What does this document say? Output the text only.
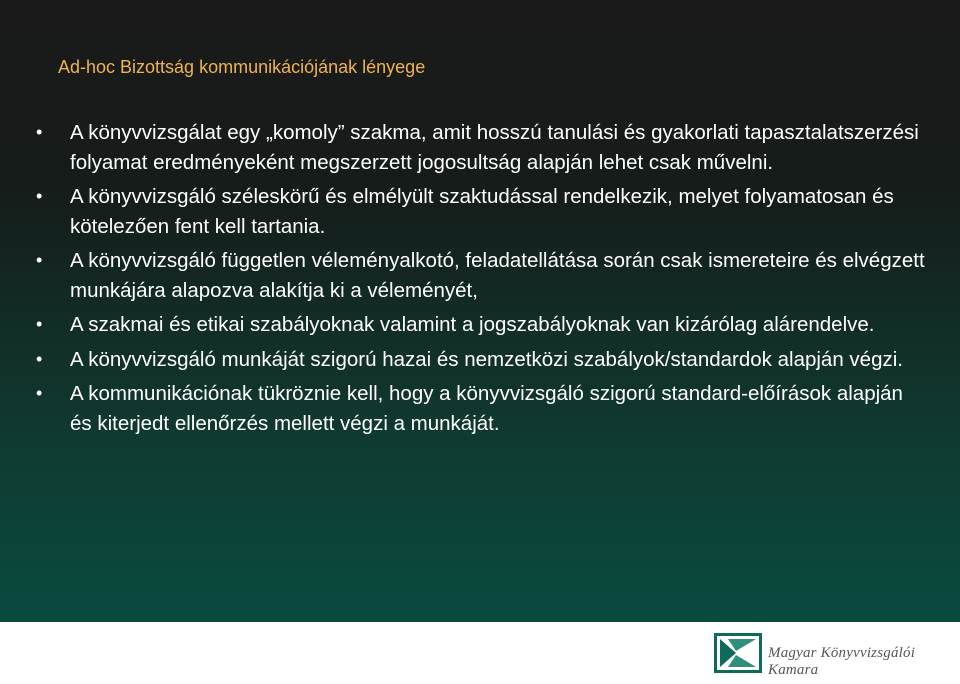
Ad-hoc Bizottság kommunikációjának lényege
•	A könyvvizsgálat egy „komoly” szakma, amit hosszú tanulási és gyakorlati tapasztalatszerzési folyamat eredményeként megszerzett jogosultság alapján lehet csak művelni.
•	A könyvvizsgáló széleskörű és elmélyült szaktudással rendelkezik, melyet folyamatosan és kötelezően fent kell tartania.
•	A könyvvizsgáló független véleményalkotó, feladatellátása során csak ismereteire és elvégzett munkájára alapozva alakítja ki a véleményét,
•	A szakmai és etikai szabályoknak valamint a jogszabályoknak van kizárólag alárendelve.
•	A könyvvizsgáló munkáját szigorú hazai és nemzetközi szabályok/standardok alapján végzi.
•	A kommunikációnak tükröznie kell, hogy a könyvvizsgáló szigorú standard-előírások alapján és kiterjedt ellenőrzés mellett végzi a munkáját.
Magyar Könyvvizsgálói Kamara
